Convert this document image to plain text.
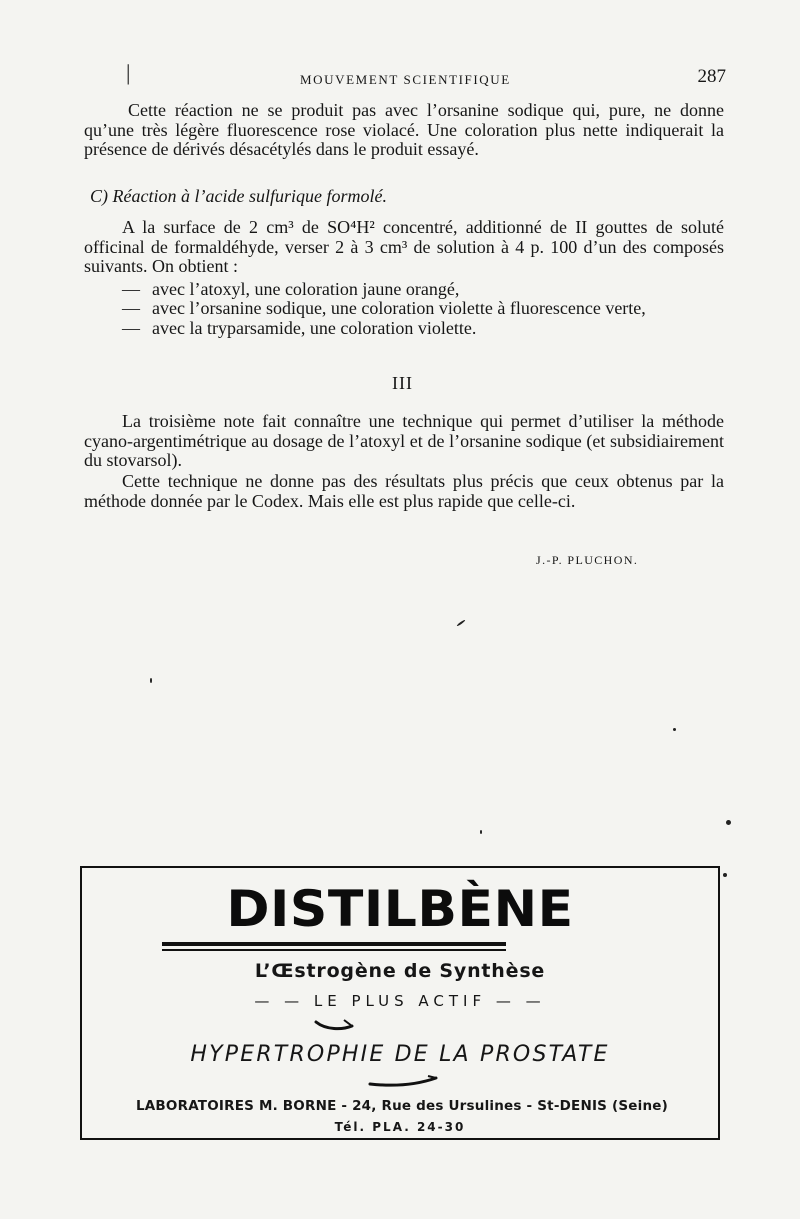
|	MOUVEMENT SCIENTIFIQUE	287

Cette réaction ne se produit pas avec l’orsanine sodique qui, pure, ne donne qu’une très légère fluorescence rose violacé. Une coloration plus nette indiquerait la présence de dérivés désacétylés dans le produit essayé.

C) Réaction à l’acide sulfurique formolé.

A la surface de 2 cm³ de SO⁴H² concentré, additionné de II gouttes de soluté officinal de formaldéhyde, verser 2 à 3 cm³ de solution à 4 p. 100 d’un des composés suivants. On obtient :

— avec l’atoxyl, une coloration jaune orangé,
— avec l’orsanine sodique, une coloration violette à fluorescence verte,
— avec la tryparsamide, une coloration violette.
III

La troisième note fait connaître une technique qui permet d’utiliser la méthode cyano-argentimétrique au dosage de l’atoxyl et de l’orsanine sodique (et subsidiairement du stovarsol).

Cette technique ne donne pas des résultats plus précis que ceux obtenus par la méthode donnée par le Codex. Mais elle est plus rapide que celle-ci.

J.-P. PLUCHON.
DISTILBÈNE
L’Œstrogène de Synthèse
— — LE PLUS ACTIF — —
HYPERTROPHIE DE LA PROSTATE
LABORATOIRES M. BORNE - 24, Rue des Ursulines - St-DENIS (Seine)
Tél. PLA. 24-30
